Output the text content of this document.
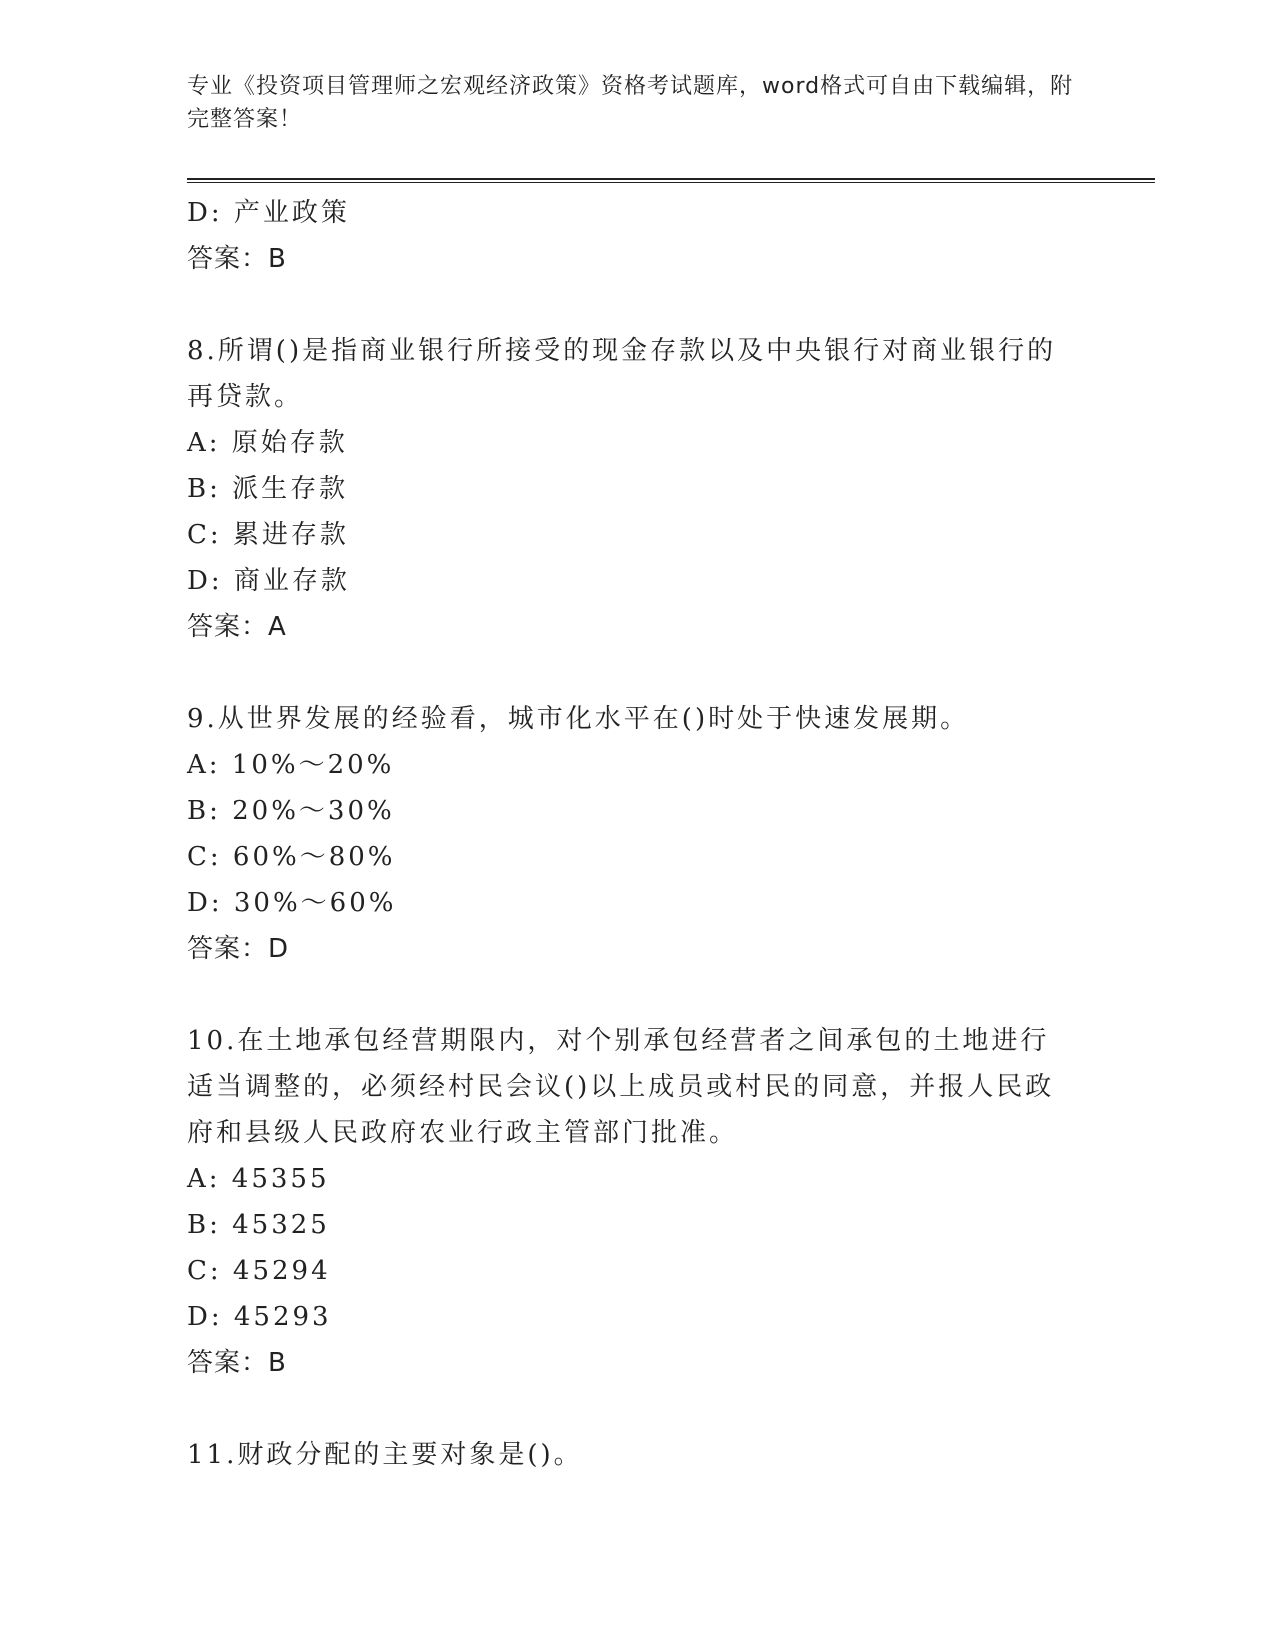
专业《投资项目管理师之宏观经济政策》资格考试题库，word格式可自由下载编辑，附完整答案！
D: 产业政策
答案：B
8.所谓()是指商业银行所接受的现金存款以及中央银行对商业银行的再贷款。
A: 原始存款
B: 派生存款
C: 累进存款
D: 商业存款
答案：A
9.从世界发展的经验看，城市化水平在()时处于快速发展期。
A: 10%～20%
B: 20%～30%
C: 60%～80%
D: 30%～60%
答案：D
10.在土地承包经营期限内，对个别承包经营者之间承包的土地进行适当调整的，必须经村民会议()以上成员或村民的同意，并报人民政府和县级人民政府农业行政主管部门批准。
A: 45355
B: 45325
C: 45294
D: 45293
答案：B
11.财政分配的主要对象是()。
